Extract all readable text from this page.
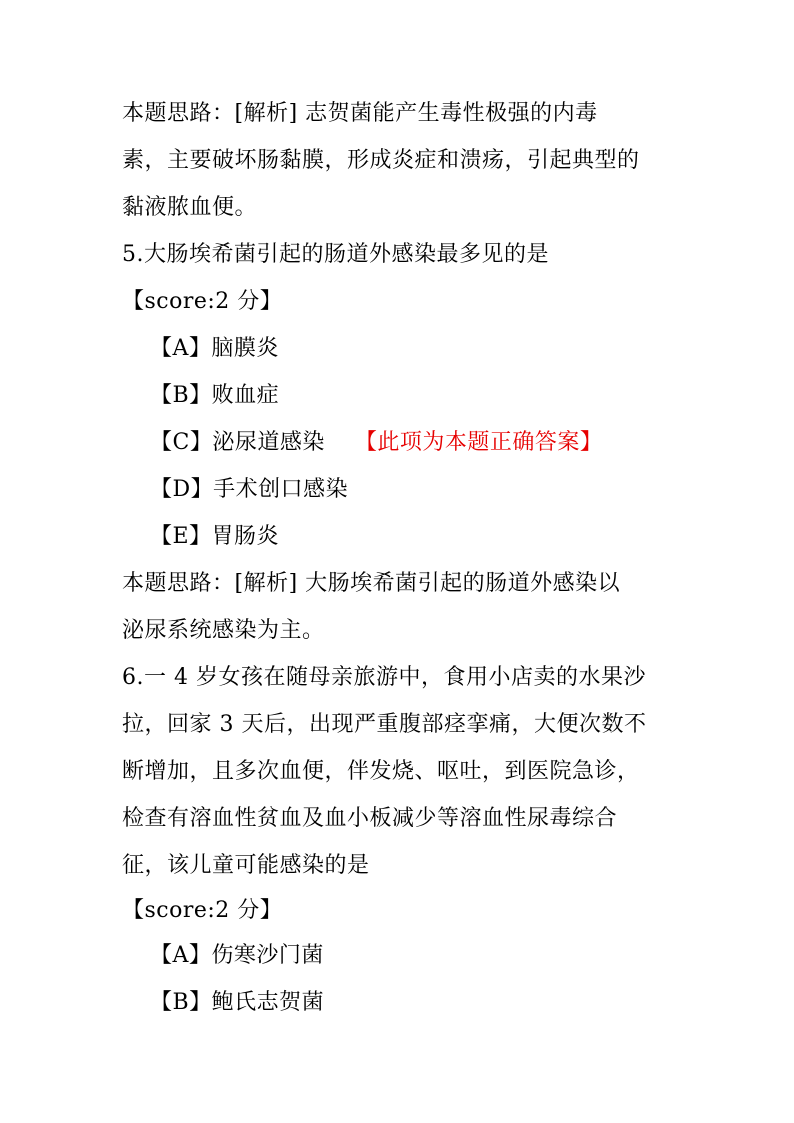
本题思路：[解析] 志贺菌能产生毒性极强的内毒
素，主要破坏肠黏膜，形成炎症和溃疡，引起典型的
黏液脓血便。
5.大肠埃希菌引起的肠道外感染最多见的是
【score:2 分】
【A】脑膜炎
【B】败血症
【C】泌尿道感染 【此项为本题正确答案】
【D】手术创口感染
【E】胃肠炎
本题思路：[解析] 大肠埃希菌引起的肠道外感染以
泌尿系统感染为主。
6.一 4 岁女孩在随母亲旅游中，食用小店卖的水果沙
拉，回家 3 天后，出现严重腹部痉挛痛，大便次数不
断增加，且多次血便，伴发烧、呕吐，到医院急诊，
检查有溶血性贫血及血小板减少等溶血性尿毒综合
征，该儿童可能感染的是
【score:2 分】
【A】伤寒沙门菌
【B】鲍氏志贺菌
